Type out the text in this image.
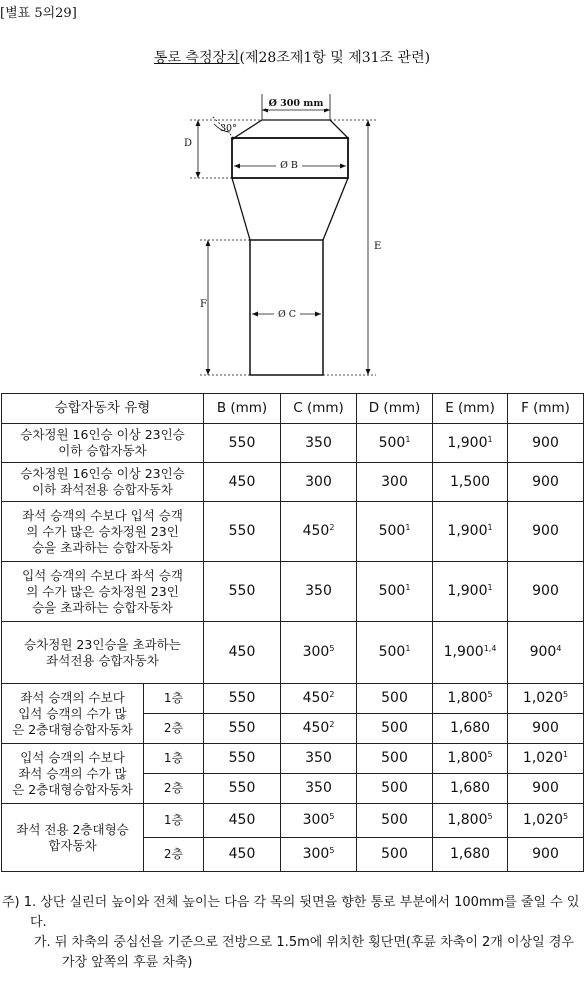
[별표 5의29]
통로 측정장치(제28조제1항 및 제31조 관련)
Ø 300 mm
30°
D
Ø B
E
F
Ø C
승합자동차 유형		B (mm)	C (mm)	D (mm)	E (mm)	F (mm)
승차정원 16인승 이상 23인승
이하 승합자동차		550	350	$500^1$	1,900$^1$	900
승차정원 16인승 이상 23인승
이하 좌석전용 승합자동차		450	300	300	1,500	900
좌석 승객의 수보다 입석 승객
의 수가 많은 승차정원 23인
승을 초과하는 승합자동차		550	$450^2$	$500^1$	1,900$^1$	900
입석 승객의 수보다 좌석 승객
의 수가 많은 승차정원 23인
승을 초과하는 승합자동차		550	350	$500^1$	1,900$^1$	900
승차정원 23인승을 초과하는
좌석전용 승합자동차		450	$300^5$	$500^1$	1,900$^{1,4}$	$900^4$
좌석 승객의 수보다
입석 승객의 수가 많
은 2층대형승합자동차	1층	550	$450^2$	500	1,800$^5$	1,020$^5$
	2층	550	$450^2$	500	1,680	900
입석 승객의 수보다
좌석 승객의 수가 많
은 2층대형승합자동차	1층	550	350	500	1,800$^5$	1,020$^1$
	2층	550	350	500	1,680	900
좌석 전용 2층대형승
합자동차	1층	450	$300^5$	500	1,800$^5$	1,020$^5$
	2층	450	$300^5$	500	1,680	900

주) 1. 상단 실린더 높이와 전체 높이는 다음 각 목의 뒷면을 향한 통로 부분에서 100mm를 줄일 수 있다.

가. 뒤 차축의 중심선을 기준으로 전방으로 1.5m에 위치한 횡단면(후륜 차축이 2개 이상일 경우 가장 앞쪽의 후륜 차축)
